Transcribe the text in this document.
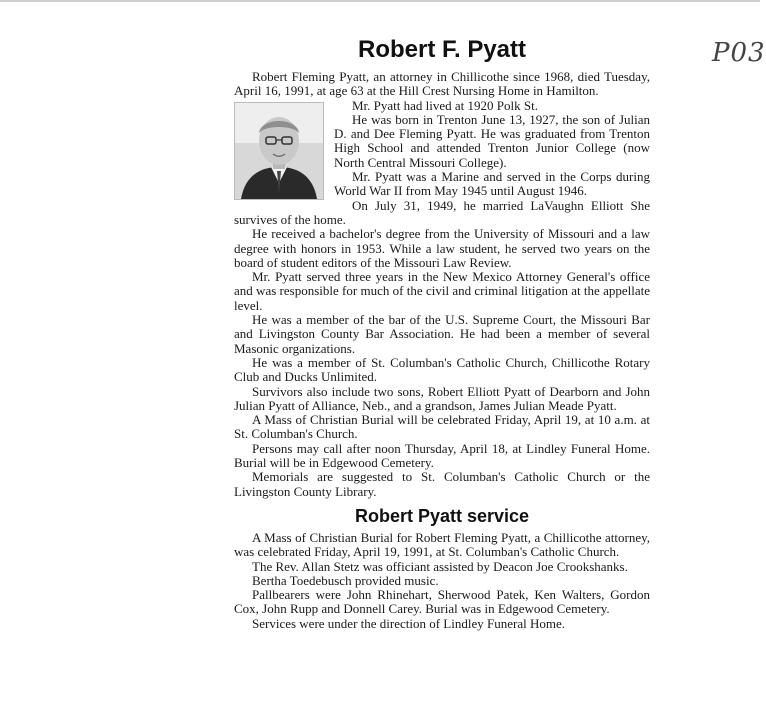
P03
Robert F. Pyatt

Robert Fleming Pyatt, an attorney in Chillicothe since 1968, died Tuesday, April 16, 1991, at age 63 at the Hill Crest Nursing Home in Hamilton.

Mr. Pyatt had lived at 1920 Polk St.

He was born in Trenton June 13, 1927, the son of Julian D. and Dee Fleming Pyatt. He was graduated from Trenton High School and attended Trenton Junior College (now North Central Missouri College).

Mr. Pyatt was a Marine and served in the Corps during World War II from May 1945 until August 1946.

On July 31, 1949, he married LaVaughn Elliott She survives of the home.

He received a bachelor's degree from the University of Missouri and a law degree with honors in 1953. While a law student, he served two years on the board of student editors of the Missouri Law Review.

Mr. Pyatt served three years in the New Mexico Attorney General's office and was responsible for much of the civil and criminal litigation at the appellate level.

He was a member of the bar of the U.S. Supreme Court, the Missouri Bar and Livingston County Bar Association. He had been a member of several Masonic organizations.

He was a member of St. Columban's Catholic Church, Chillicothe Rotary Club and Ducks Unlimited.

Survivors also include two sons, Robert Elliott Pyatt of Dearborn and John Julian Pyatt of Alliance, Neb., and a grandson, James Julian Meade Pyatt.

A Mass of Christian Burial will be celebrated Friday, April 19, at 10 a.m. at St. Columban's Church.

Persons may call after noon Thursday, April 18, at Lindley Funeral Home. Burial will be in Edgewood Cemetery.

Memorials are suggested to St. Columban's Catholic Church or the Livingston County Library.

Robert Pyatt service

A Mass of Christian Burial for Robert Fleming Pyatt, a Chillicothe attorney, was celebrated Friday, April 19, 1991, at St. Columban's Catholic Church.

The Rev. Allan Stetz was officiant assisted by Deacon Joe Crookshanks.

Bertha Toedebusch provided music.

Pallbearers were John Rhinehart, Sherwood Patek, Ken Walters, Gordon Cox, John Rupp and Donnell Carey. Burial was in Edgewood Cemetery.

Services were under the direction of Lindley Funeral Home.
